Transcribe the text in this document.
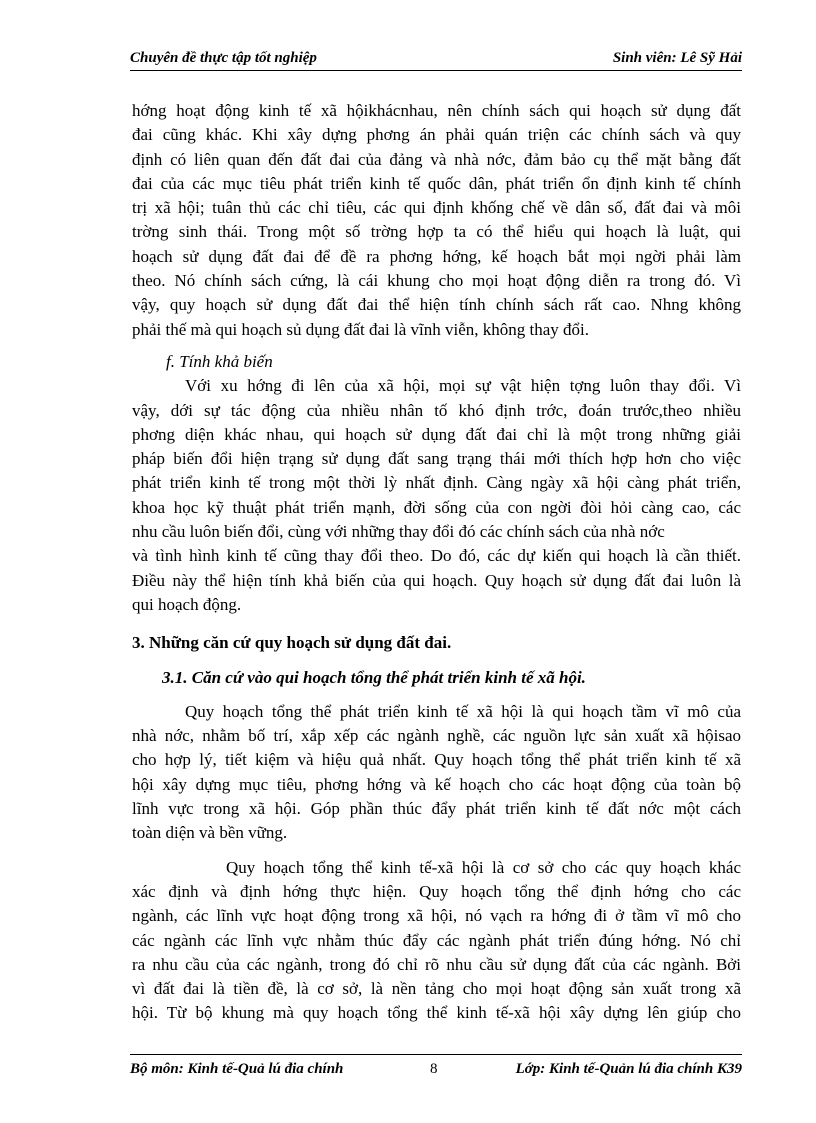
Chuyên đề thực tập tốt nghiệp	Sinh viên: Lê Sỹ Hải

hớng hoạt động kinh tế xã hộikhácnhau, nên chính sách qui hoạch sử dụng đất

đai cũng khác. Khi xây dựng phơng án phải quán triện các chính sách và quy

định có liên quan đến đất đai của đảng và nhà nớc, đảm bảo cụ thể mặt bằng đất

đai của các mục tiêu phát triển kinh tế quốc dân, phát triển ổn định kinh tế chính

trị xã hội; tuân thủ các chỉ tiêu, các qui định khống chế về dân số, đất đai và môi

trờng sinh thái. Trong một số trờng hợp ta có thể hiểu qui hoạch là luật, qui

hoạch sử dụng đất đai để đề ra phơng hớng, kế hoạch bắt mọi ngời phải làm

theo. Nó chính sách cứng, là cái khung cho mọi hoạt động diễn ra trong đó. Vì

vậy, quy hoạch sử dụng đất đai thể hiện tính chính sách rất cao. Nhng không

phải thế mà qui hoạch sủ dụng đất đai là vĩnh viễn, không thay đổi.

f. Tính khả biến

Với xu hớng đi lên của xã hội, mọi sự vật hiện tợng luôn thay đổi. Vì

vậy, dới sự tác động của nhiều nhân tố khó định trớc, đoán trước,theo nhiều

phơng diện khác nhau, qui hoạch sử dụng đất đai chỉ là một trong những giải

pháp biến đổi hiện trạng sử dụng đất sang trạng thái mới thích hợp hơn cho việc

phát triển kinh tế trong một thời lỳ nhất định. Càng ngày xã hội càng phát triển,

khoa học kỹ thuật phát triển mạnh, đời sống của con ngời đòi hỏi càng cao, các

nhu cầu luôn biến đổi, cùng với những thay đổi đó các chính sách của nhà nớc

và tình hình kinh tế cũng thay đổi theo. Do đó, các dự kiến qui hoạch là cần thiết.

Điều này thể hiện tính khả biến của qui hoạch. Quy hoạch sử dụng đất đai luôn là

qui hoạch động.

3. Những căn cứ quy hoạch sử dụng đất đai.

3.1. Căn cứ vào qui hoạch tổng thể phát triển kinh tế xã hội.

Quy hoạch tổng thể phát triển kinh tế xã hội là qui hoạch tầm vĩ mô của

nhà nớc, nhằm bố trí, xắp xếp các ngành nghề, các nguồn lực sản xuất xã hộisao

cho hợp lý, tiết kiệm và hiệu quả nhất. Quy hoạch tổng thể phát triển kinh tế xã

hội xây dựng mục tiêu, phơng hớng và kế hoạch cho các hoạt động của toàn bộ

lĩnh vực trong xã hội. Góp phần thúc đẩy phát triển kinh tế đất nớc một cách

toàn diện và bền vững.

Quy hoạch tổng thể kinh tế-xã hội là cơ sở cho các quy hoạch khác

xác định và định hớng thực hiện. Quy hoạch tổng thể định hớng cho các

ngành, các lĩnh vực hoạt động trong xã hội, nó vạch ra hớng đi ở tầm vĩ mô cho

các ngành các lĩnh vực nhằm thúc đẩy các ngành phát triển đúng hớng. Nó chỉ

ra nhu cầu của các ngành, trong đó chỉ rõ nhu cầu sử dụng đất của các ngành. Bởi

vì đất đai là tiền đề, là cơ sở, là nền tảng cho mọi hoạt động sản xuất trong xã

hội. Từ bộ khung mà quy hoạch tổng thể kinh tế-xã hội xây dựng lên giúp cho

Bộ môn: Kinh tế-Quả lú đia chính	8	Lớp: Kinh tế-Quản lú đia chính K39
